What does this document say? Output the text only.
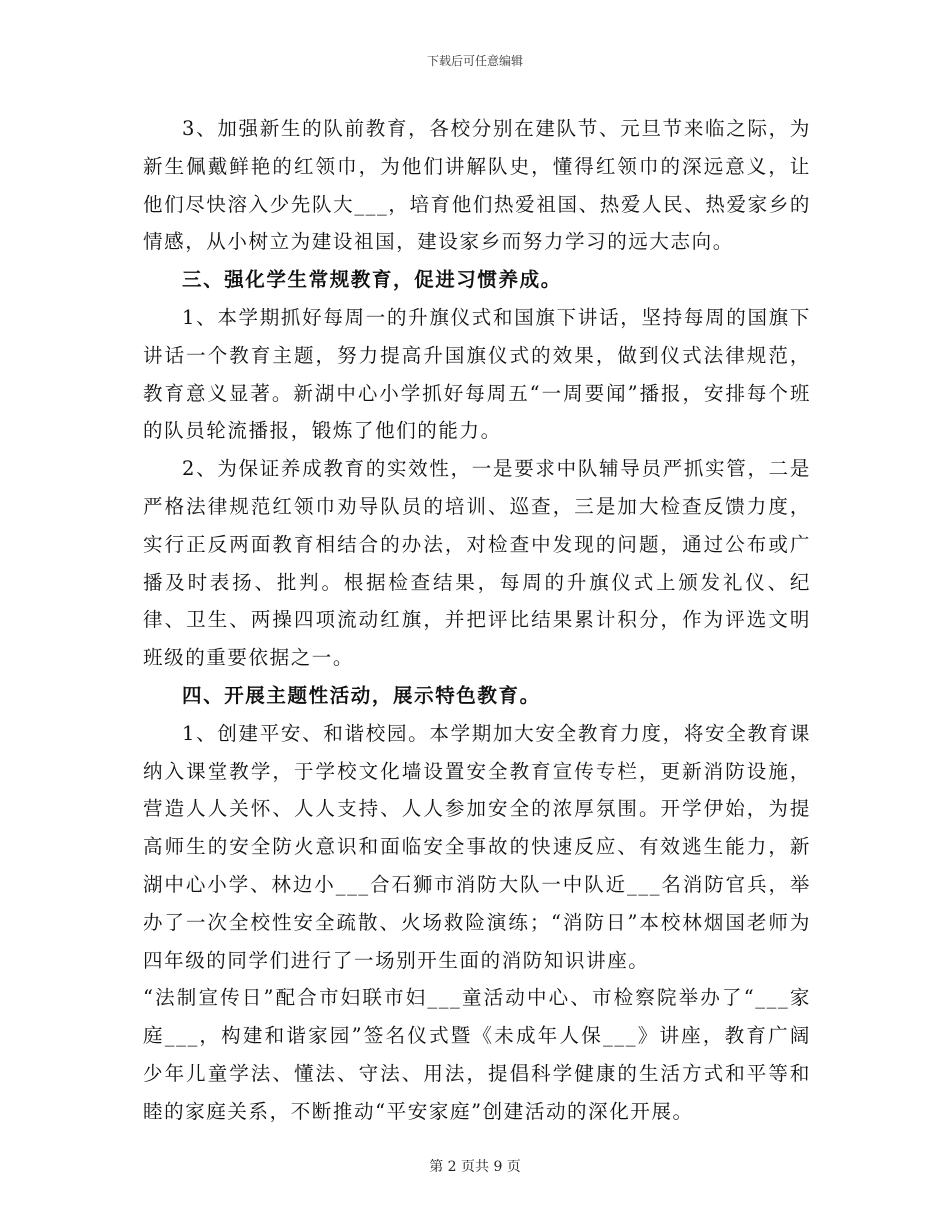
下载后可任意编辑

3、加强新生的队前教育，各校分别在建队节、元旦节来临之际，为新生佩戴鲜艳的红领巾，为他们讲解队史，懂得红领巾的深远意义，让他们尽快溶入少先队大___，培育他们热爱祖国、热爱人民、热爱家乡的情感，从小树立为建设祖国，建设家乡而努力学习的远大志向。

三、强化学生常规教育，促进习惯养成。

1、本学期抓好每周一的升旗仪式和国旗下讲话，坚持每周的国旗下讲话一个教育主题，努力提高升国旗仪式的效果，做到仪式法律规范，教育意义显著。新湖中心小学抓好每周五“一周要闻”播报，安排每个班的队员轮流播报，锻炼了他们的能力。

2、为保证养成教育的实效性，一是要求中队辅导员严抓实管，二是严格法律规范红领巾劝导队员的培训、巡查，三是加大检查反馈力度，实行正反两面教育相结合的办法，对检查中发现的问题，通过公布或广播及时表扬、批判。根据检查结果，每周的升旗仪式上颁发礼仪、纪律、卫生、两操四项流动红旗，并把评比结果累计积分，作为评选文明班级的重要依据之一。

四、开展主题性活动，展示特色教育。

1、创建平安、和谐校园。本学期加大安全教育力度，将安全教育课纳入课堂教学，于学校文化墙设置安全教育宣传专栏，更新消防设施，营造人人关怀、人人支持、人人参加安全的浓厚氛围。开学伊始，为提高师生的安全防火意识和面临安全事故的快速反应、有效逃生能力，新湖中心小学、林边小___合石狮市消防大队一中队近___名消防官兵，举办了一次全校性安全疏散、火场救险演练；“消防日”本校林烟国老师为四年级的同学们进行了一场别开生面的消防知识讲座。

“法制宣传日”配合市妇联市妇___童活动中心、市检察院举办了“___家庭___，构建和谐家园”签名仪式暨《未成年人保___》讲座，教育广阔少年儿童学法、懂法、守法、用法，提倡科学健康的生活方式和平等和睦的家庭关系，不断推动“平安家庭”创建活动的深化开展。

第 2 页共 9 页
